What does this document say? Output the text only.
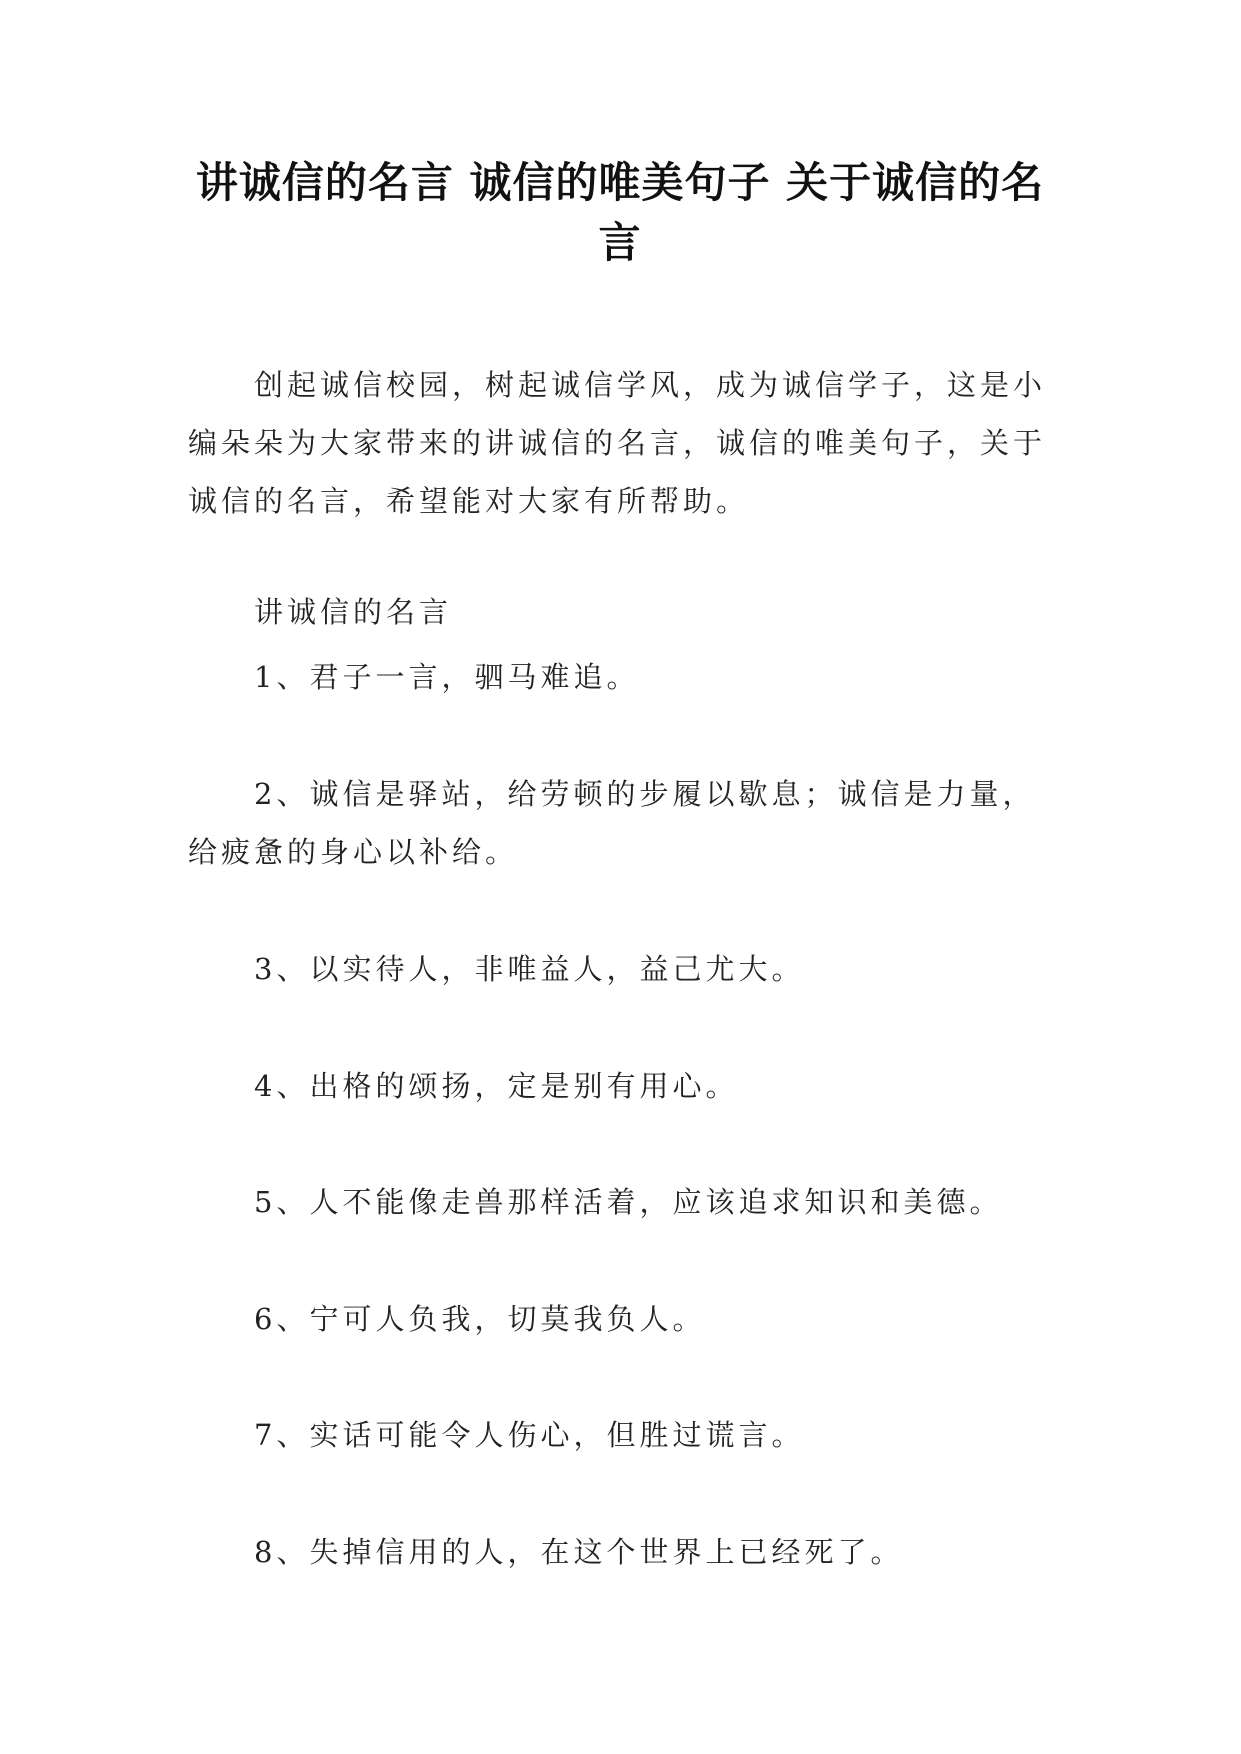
讲诚信的名言 诚信的唯美句子 关于诚信的名言

创起诚信校园，树起诚信学风，成为诚信学子，这是小编朵朵为大家带来的讲诚信的名言，诚信的唯美句子，关于诚信的名言，希望能对大家有所帮助。

讲诚信的名言

1、君子一言，驷马难追。

2、诚信是驿站，给劳顿的步履以歇息；诚信是力量，给疲惫的身心以补给。

3、以实待人，非唯益人，益己尤大。

4、出格的颂扬，定是别有用心。

5、人不能像走兽那样活着，应该追求知识和美德。

6、宁可人负我，切莫我负人。

7、实话可能令人伤心，但胜过谎言。

8、失掉信用的人，在这个世界上已经死了。
